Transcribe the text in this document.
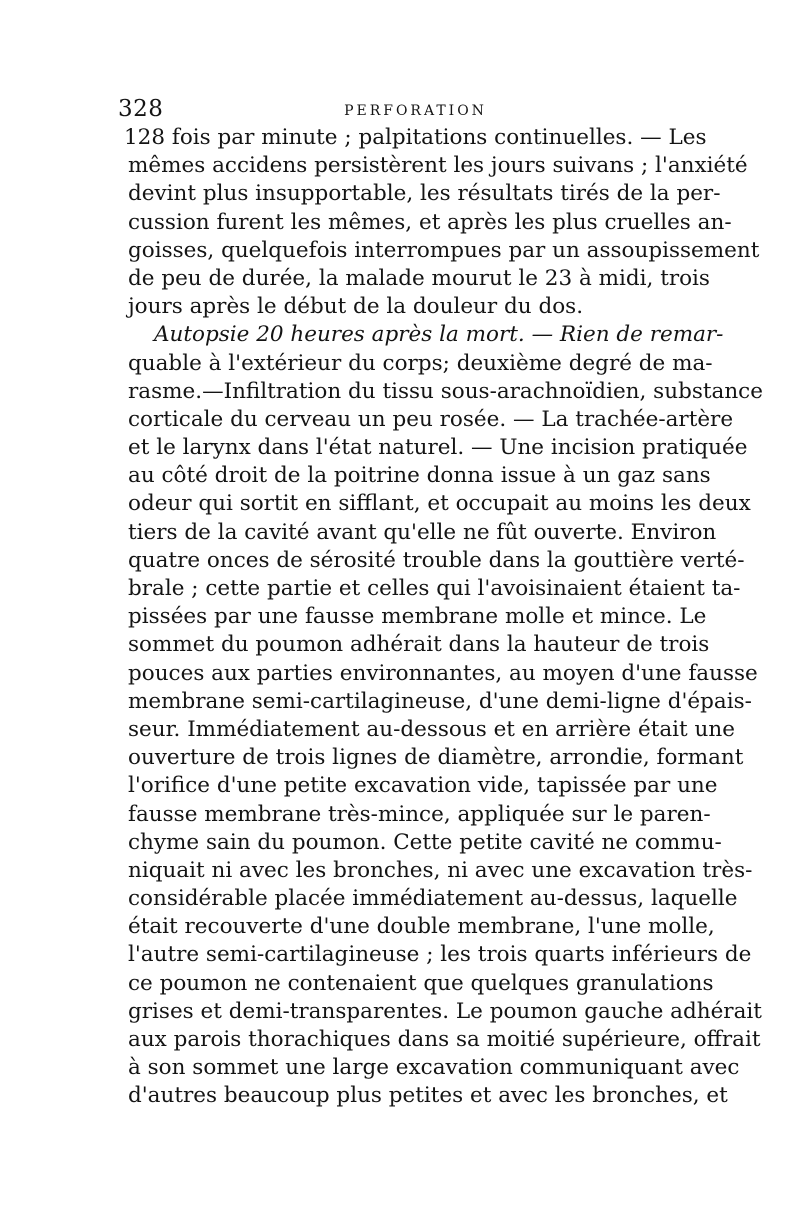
328	PERFORATION
128 fois par minute ; palpitations continuelles. — Les
mêmes accidens persistèrent les jours suivans ; l'anxiété
devint plus insupportable, les résultats tirés de la per-
cussion furent les mêmes, et après les plus cruelles an-
goisses, quelquefois interrompues par un assoupissement
de peu de durée, la malade mourut le 23 à midi, trois
jours après le début de la douleur du dos.
Autopsie 20 heures après la mort. — Rien de remar-
quable à l'extérieur du corps; deuxième degré de ma-
rasme.—Infiltration du tissu sous-arachnoïdien, substance
corticale du cerveau un peu rosée. — La trachée-artère
et le larynx dans l'état naturel. — Une incision pratiquée
au côté droit de la poitrine donna issue à un gaz sans
odeur qui sortit en sifflant, et occupait au moins les deux
tiers de la cavité avant qu'elle ne fût ouverte. Environ
quatre onces de sérosité trouble dans la gouttière verté-
brale ; cette partie et celles qui l'avoisinaient étaient ta-
pissées par une fausse membrane molle et mince. Le
sommet du poumon adhérait dans la hauteur de trois
pouces aux parties environnantes, au moyen d'une fausse
membrane semi-cartilagineuse, d'une demi-ligne d'épais-
seur. Immédiatement au-dessous et en arrière était une
ouverture de trois lignes de diamètre, arrondie, formant
l'orifice d'une petite excavation vide, tapissée par une
fausse membrane très-mince, appliquée sur le paren-
chyme sain du poumon. Cette petite cavité ne commu-
niquait ni avec les bronches, ni avec une excavation très-
considérable placée immédiatement au-dessus, laquelle
était recouverte d'une double membrane, l'une molle,
l'autre semi-cartilagineuse ; les trois quarts inférieurs de
ce poumon ne contenaient que quelques granulations
grises et demi-transparentes. Le poumon gauche adhérait
aux parois thorachiques dans sa moitié supérieure, offrait
à son sommet une large excavation communiquant avec
d'autres beaucoup plus petites et avec les bronches, et
